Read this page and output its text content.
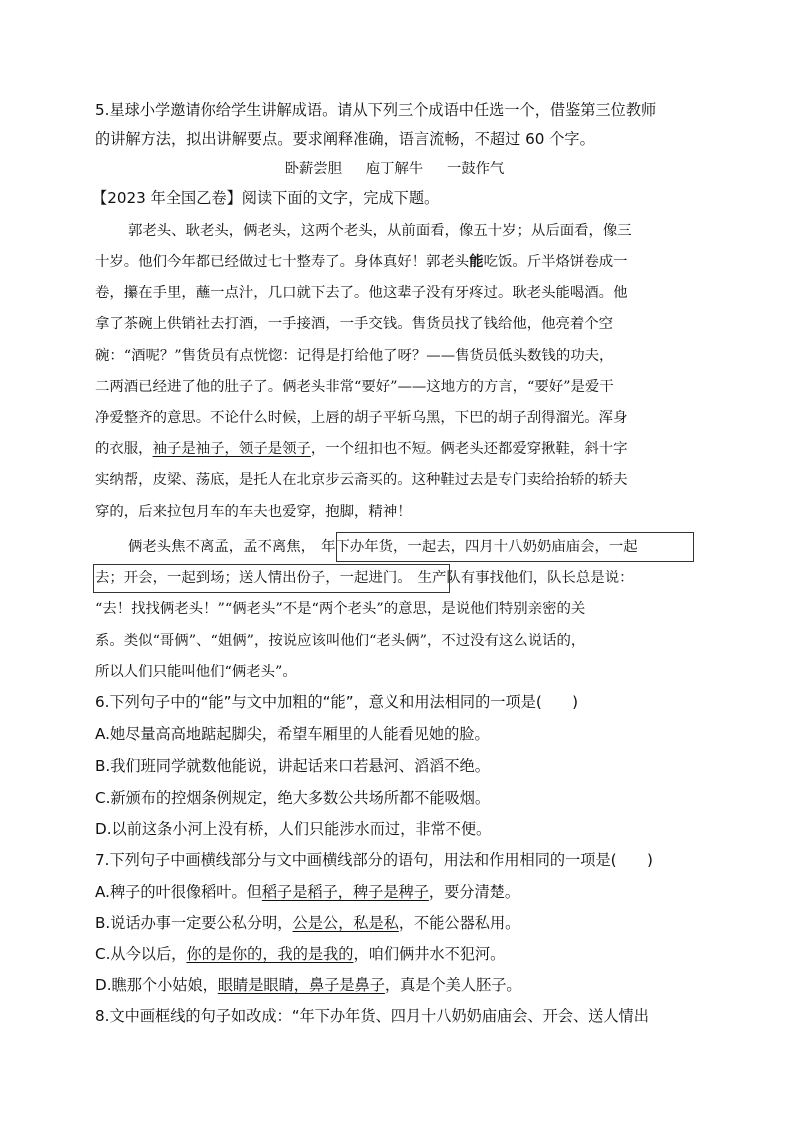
5.星球小学邀请你给学生讲解成语。请从下列三个成语中任选一个，借鉴第三位教师
的讲解方法，拟出讲解要点。要求阐释准确，语言流畅，不超过 60 个字。
卧薪尝胆 庖丁解牛 一鼓作气
【2023 年全国乙卷】阅读下面的文字，完成下题。
郭老头、耿老头，俩老头，这两个老头，从前面看，像五十岁；从后面看，像三
十岁。他们今年都已经做过七十整寿了。身体真好！郭老头能吃饭。斤半烙饼卷成一
卷，攥在手里，蘸一点汁，几口就下去了。他这辈子没有牙疼过。耿老头能喝酒。他
拿了茶碗上供销社去打酒，一手接酒，一手交钱。售货员找了钱给他，他亮着个空
碗：“酒呢？”售货员有点恍惚：记得是打给他了呀？——售货员低头数钱的功夫，
二两酒已经进了他的肚子了。俩老头非常“要好”——这地方的方言，“要好”是爱干
净爱整齐的意思。不论什么时候，上唇的胡子平斩乌黑，下巴的胡子刮得溜光。浑身
的衣服，袖子是袖子，领子是领子，一个纽扣也不短。俩老头还都爱穿揪鞋，斜十字
实纳帮，皮梁、荡底，是托人在北京步云斋买的。这种鞋过去是专门卖给抬轿的轿夫
穿的，后来拉包月车的车夫也爱穿，抱脚，精神！
俩老头焦不离孟，孟不离焦， 年下办年货，一起去，四月十八奶奶庙庙会，一起
去；开会，一起到场；送人情出份子，一起进门。 生产队有事找他们，队长总是说：
“去！找找俩老头！”“俩老头”不是“两个老头”的意思，是说他们特别亲密的关
系。类似“哥俩”、“姐俩”，按说应该叫他们“老头俩”，不过没有这么说话的，
所以人们只能叫他们“俩老头”。
6.下列句子中的“能”与文中加粗的“能”，意义和用法相同的一项是(　　)
A.她尽量高高地踮起脚尖，希望车厢里的人能看见她的脸。
B.我们班同学就数他能说，讲起话来口若悬河、滔滔不绝。
C.新颁布的控烟条例规定，绝大多数公共场所都不能吸烟。
D.以前这条小河上没有桥，人们只能涉水而过，非常不便。
7.下列句子中画横线部分与文中画横线部分的语句，用法和作用相同的一项是(　　)
A.稗子的叶很像稻叶。但稻子是稻子，稗子是稗子，要分清楚。
B.说话办事一定要公私分明，公是公，私是私，不能公器私用。
C.从今以后，你的是你的，我的是我的，咱们俩井水不犯河。
D.瞧那个小姑娘，眼睛是眼睛，鼻子是鼻子，真是个美人胚子。
8.文中画框线的句子如改成：“年下办年货、四月十八奶奶庙庙会、开会、送人情出
